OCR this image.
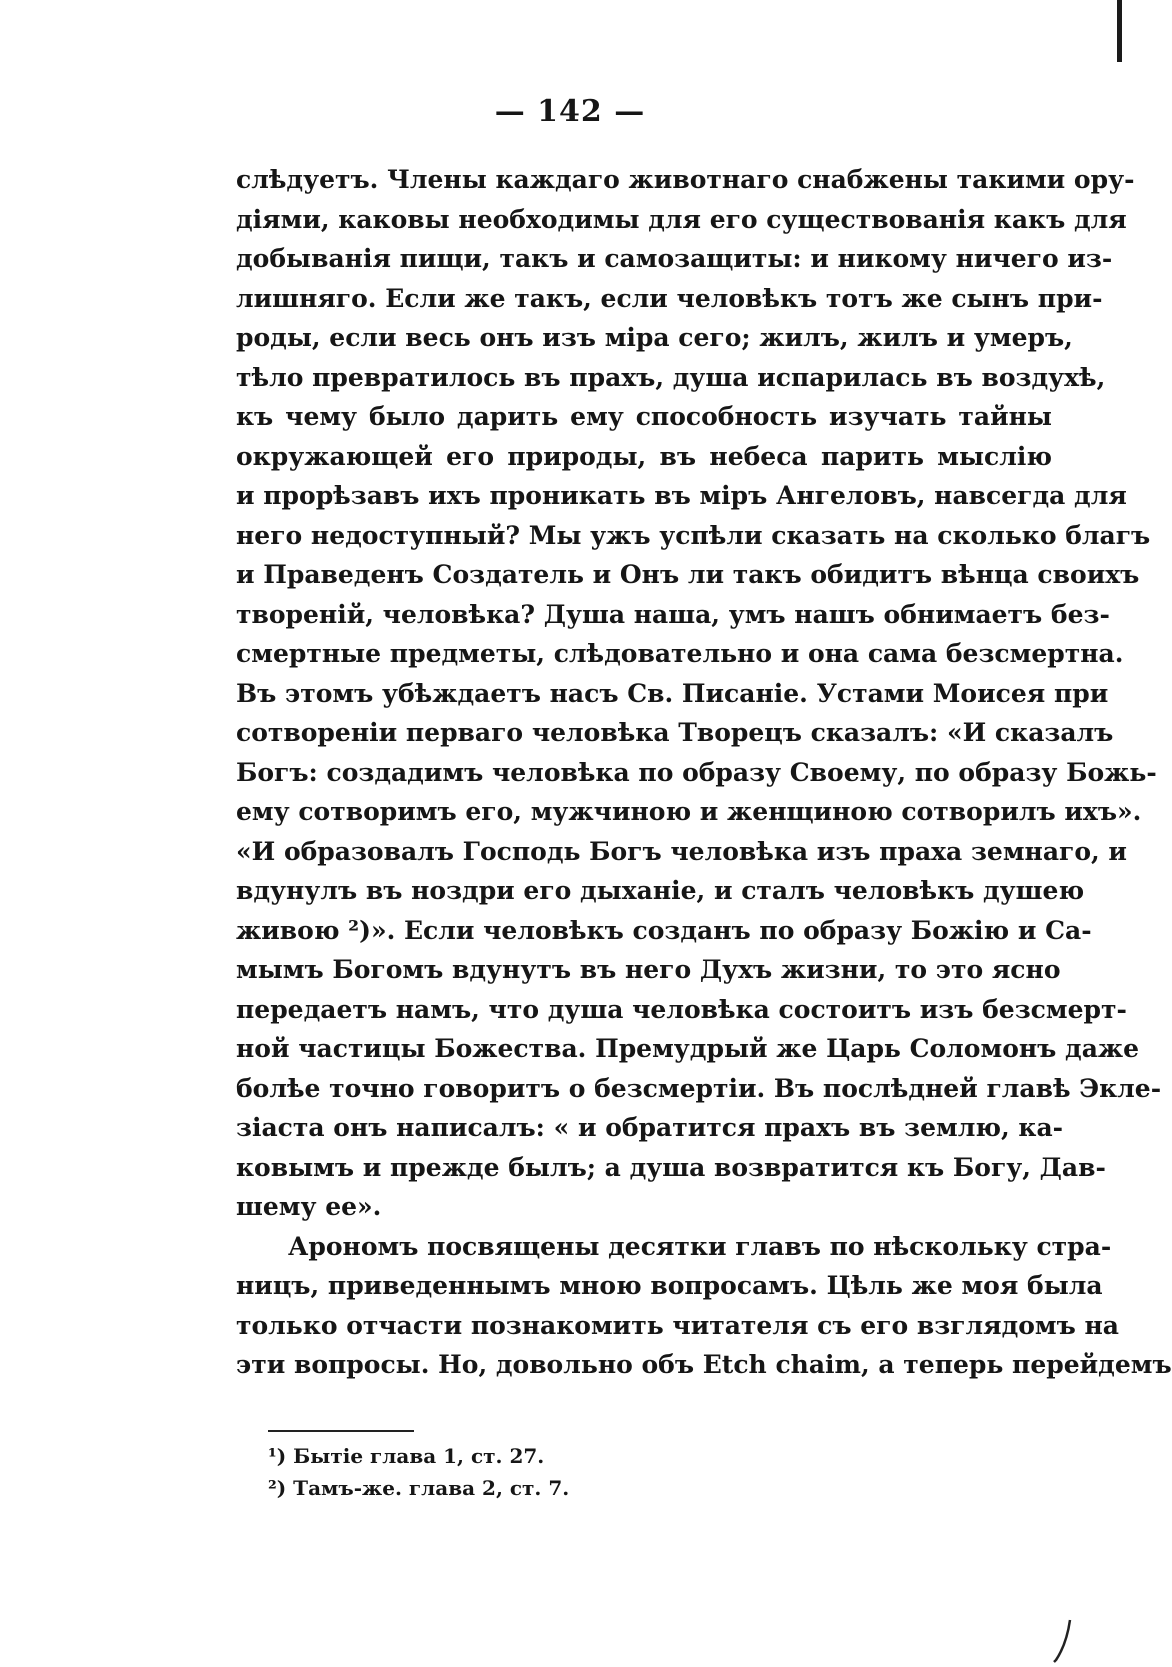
— 142 —
слѣдуетъ. Члены каждаго животнаго снабжены такими ору-
діями, каковы необходимы для его существованія какъ для
добыванія пищи, такъ и самозащиты: и никому ничего из-
лишняго. Если же такъ, если человѣкъ тотъ же сынъ при-
роды, если весь онъ изъ міра сего; жилъ, жилъ и умеръ,
тѣло превратилось въ прахъ, душа испарилась въ воздухѣ,
къ чему было дарить ему способность изучать тайны
окружающей его природы, въ небеса парить мыслію
и прорѣзавъ ихъ проникать въ міръ Ангеловъ, навсегда для
него недоступный? Мы ужъ успѣли сказать на сколько благъ
и Праведенъ Создатель и Онъ ли такъ обидитъ вѣнца своихъ
твореній, человѣка? Душа наша, умъ нашъ обнимаетъ без-
смертные предметы, слѣдовательно и она сама безсмертна.
Въ этомъ убѣждаетъ насъ Св. Писаніе. Устами Моисея при
сотвореніи перваго человѣка Творецъ сказалъ: «И сказалъ
Богъ: создадимъ человѣка по образу Своему, по образу Божь-
ему сотворимъ его, мужчиною и женщиною сотворилъ ихъ».
«И образовалъ Господь Богъ человѣка изъ праха земнаго, и
вдунулъ въ ноздри его дыханіе, и сталъ человѣкъ душею
живою ²)». Если человѣкъ созданъ по образу Божію и Са-
мымъ Богомъ вдунутъ въ него Духъ жизни, то это ясно
передаетъ намъ, что душа человѣка состоитъ изъ безсмерт-
ной частицы Божества. Премудрый же Царь Соломонъ даже
болѣе точно говоритъ о безсмертіи. Въ послѣдней главѣ Экле-
зіаста онъ написалъ: « и обратится прахъ въ землю, ка-
ковымъ и прежде былъ; а душа возвратится къ Богу, Дав-
шему ее».
Арономъ посвящены десятки главъ по нѣскольку стра-
ницъ, приведеннымъ мною вопросамъ. Цѣль же моя была
только отчасти познакомить читателя съ его взглядомъ на
эти вопросы. Но, довольно объ Etch chaim, а теперь перейдемъ
¹) Бытіе глава 1, ст. 27.
²) Тамъ-же. глава 2, ст. 7.
